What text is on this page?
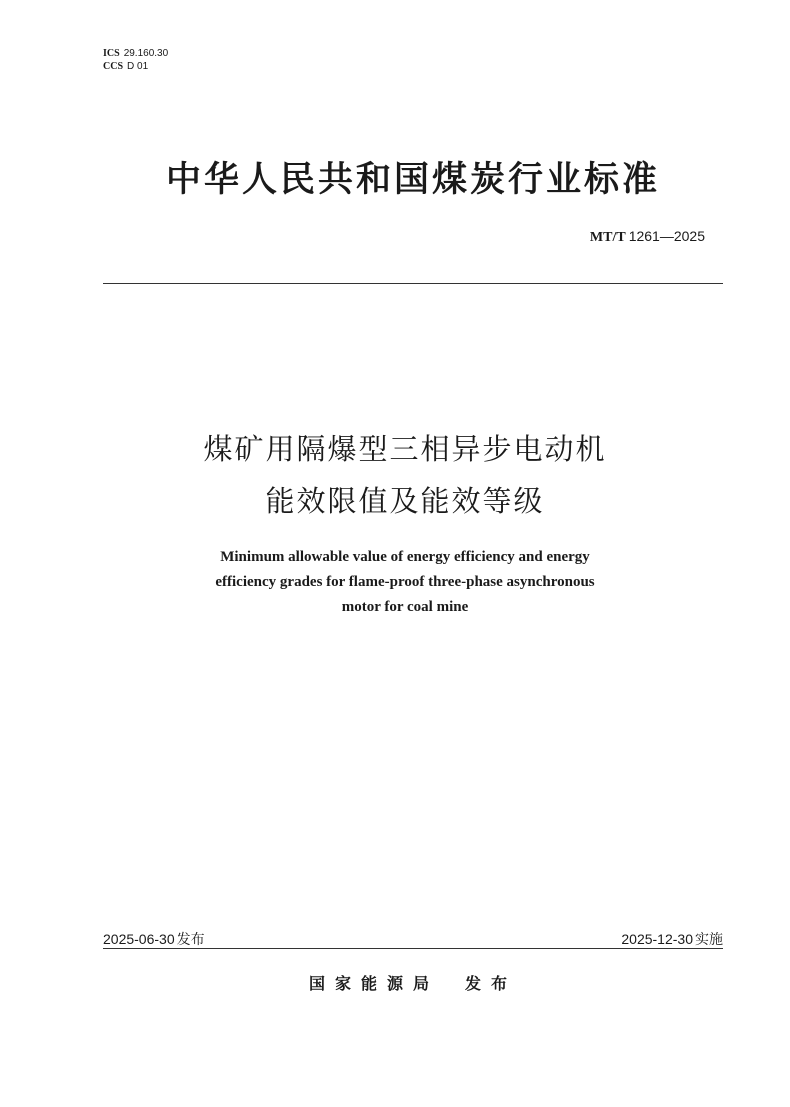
ICS 29.160.30
CCS D 01
中华人民共和国煤炭行业标准
MT/T 1261—2025
煤矿用隔爆型三相异步电动机
能效限值及能效等级
Minimum allowable value of energy efficiency and energy
efficiency grades for flame-proof three-phase asynchronous
motor for coal mine
2025-06-30 发布	2025-12-30 实施
国家能源局 发布
